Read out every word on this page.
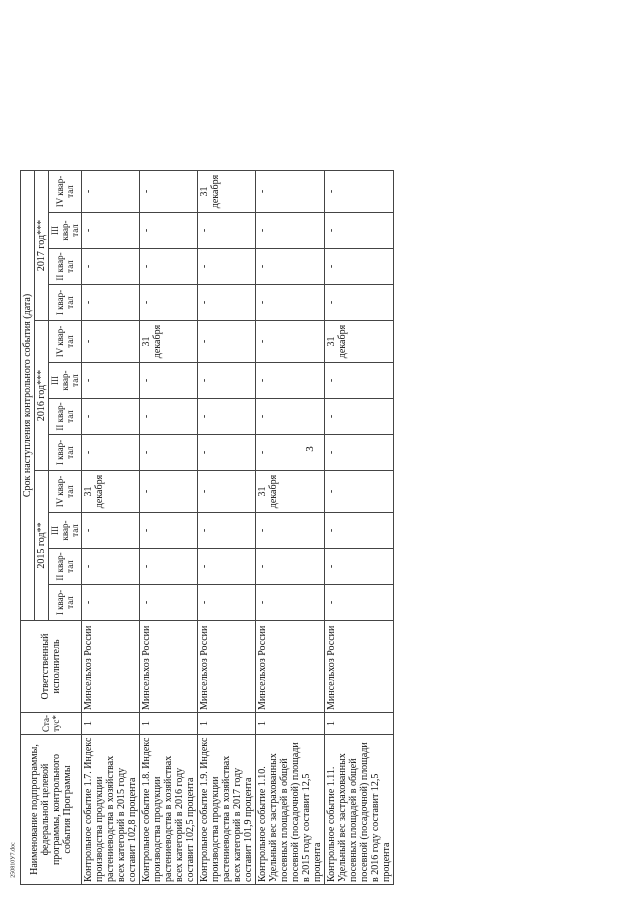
3
250810У7.doc Наименование подпрограммы, федеральной целевой программы, контрольного события Программы	Ста- тус*	Ответственный исполнитель	Срок наступления контрольного события (дата)											
			2015 год**				2016 год***				2017 год***			
			I квар- тал	II квар- тал	III квар- тал	IV квар- тал	I квар- тал	II квар- тал	III квар- тал	IV квар- тал	I квар- тал	II квар- тал	III квар- тал	IV квар- тал
Контрольное событие 1.7. Индекс производства продукции растениеводства в хозяйствах всех категорий в 2015 году составит 102,8 процента	1	Минсельхоз России	-	-	-	31 декабря	-	-	-	-	-	-	-	-
Контрольное событие 1.8. Индекс производства продукции растениеводства в хозяйствах всех категорий в 2016 году составит 102,5 процента	1	Минсельхоз России	-	-	-	-	-	-	-	31 декабря	-	-	-	-
Контрольное событие 1.9. Индекс производства продукции растениеводства в хозяйствах всех категорий в 2017 году составит 101,9 процента	1	Минсельхоз России	-	-	-	-	-	-	-	-	-	-	-	31 декабря
Контрольное событие 1.10. Удельный вес застрахованных посевных площадей в общей посевной (посадочной) площади в 2015 году составит 12,5 процента	1	Минсельхоз России	-	-	-	31 декабря	-	-	-	-	-	-	-	-
Контрольное событие 1.11. Удельный вес застрахованных посевных площадей в общей посевной (посадочной) площади в 2016 году составит 12,5 процента	1	Минсельхоз России	-	-	-	-	-	-	-	31 декабря	-	-	-	-
